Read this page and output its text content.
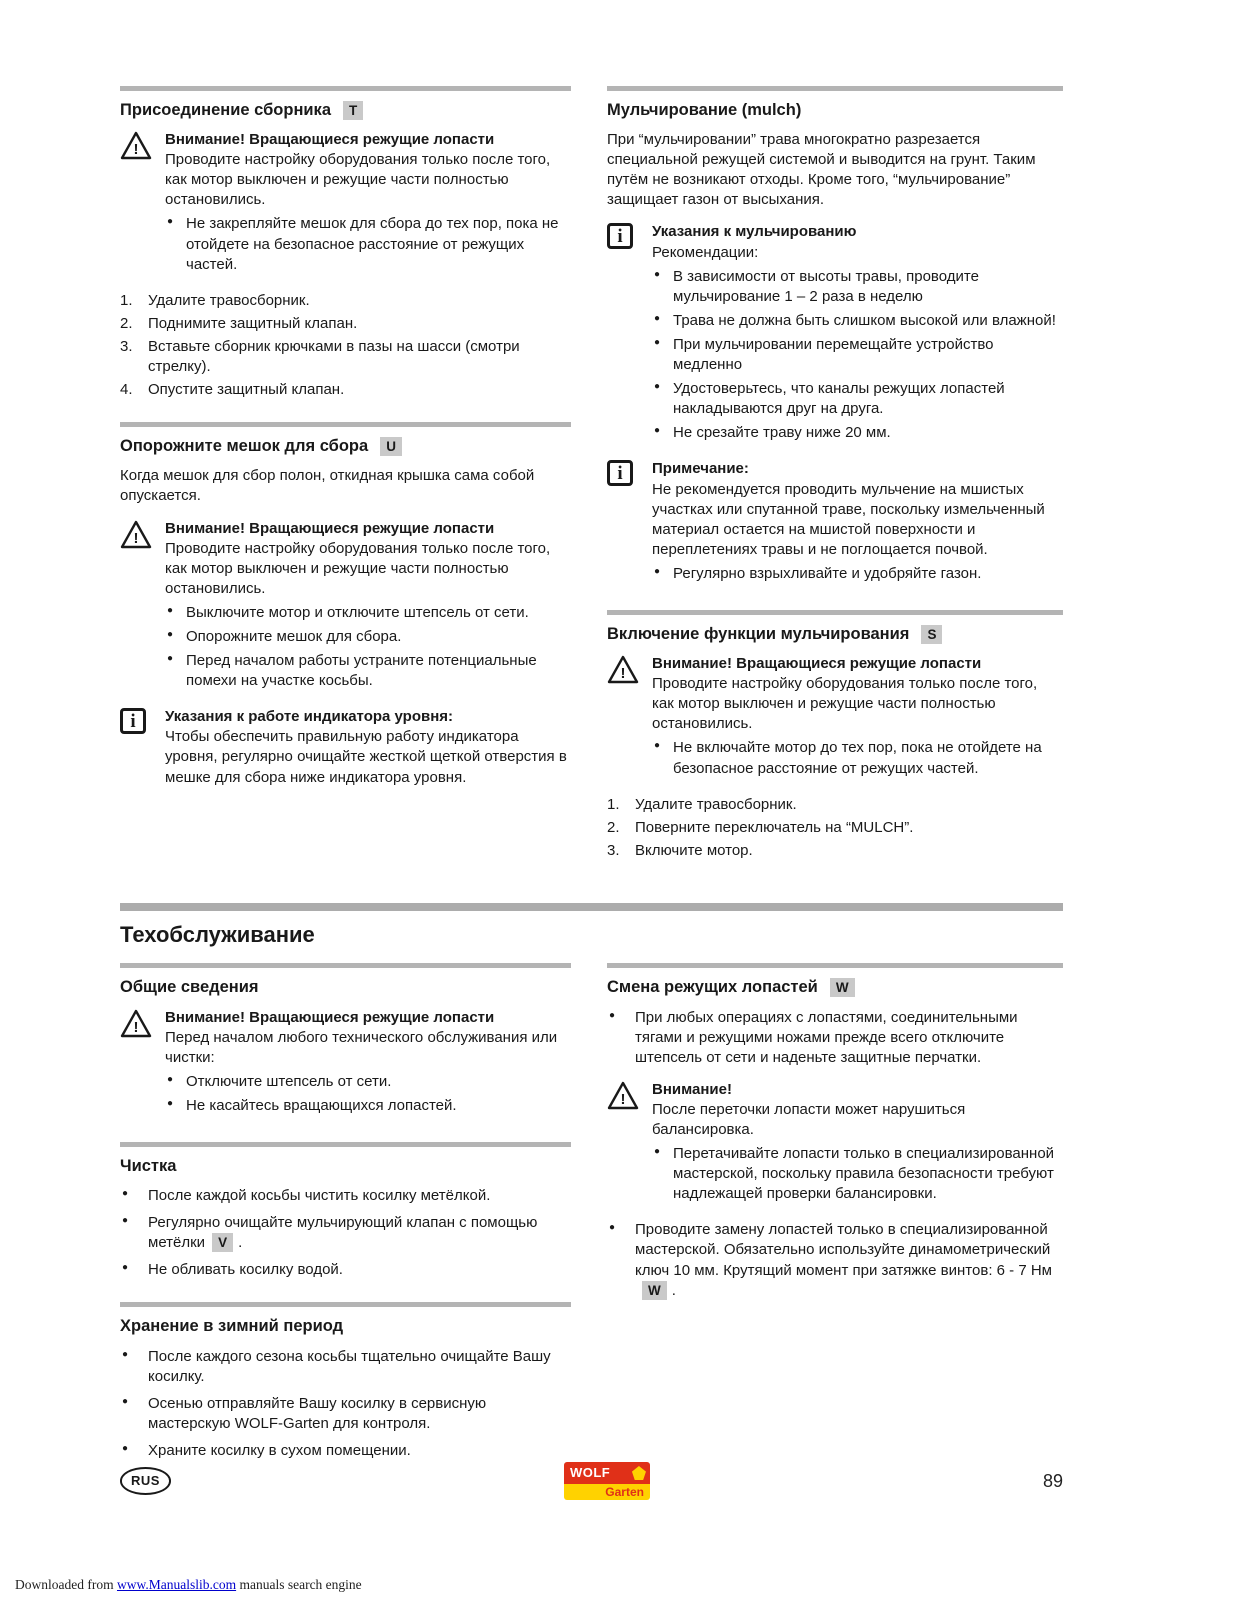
Присоединение сборника	T
!
Внимание! Вращающиеся режущие лопасти
Проводите настройку оборудования только после того, как мотор выключен и режущие части полностью остановились.
● Не закрепляйте мешок для сбора до тех пор, пока не отойдете на безопасное расстояние от режущих частей.
1.	Удалите травосборник.
2.	Поднимите защитный клапан.
3.	Вставьте сборник крючками в пазы на шасси (смотри стрелку).
4.	Опустите защитный клапан.
Опорожните мешок для сбора	U

Когда мешок для сбор полон, откидная крышка сама собой опускается.

!
Внимание! Вращающиеся режущие лопасти
Проводите настройку оборудования только после того, как мотор выключен и режущие части полностью остановились.
● Выключите мотор и отключите штепсель от сети.
● Опорожните мешок для сбора.
● Перед началом работы устраните потенциальные помехи на участке косьбы.
i	Указания к работе индикатора уровня:
Чтобы обеспечить правильную работу индикатора уровня, регулярно очищайте жесткой щеткой отверстия в мешке для сбора ниже индикатора уровня.
Мульчирование (mulch)

При “мульчировании” трава многократно разрезается специальной режущей системой и выводится на грунт. Таким путём не возникают отходы. Кроме того, “мульчирование” защищает газон от высыхания.

i	Указания к мульчированию
Рекомендации:
● В зависимости от высоты травы, проводите мульчирование 1 – 2 раза в неделю
● Трава не должна быть слишком высокой или влажной!
● При мульчировании перемещайте устройство медленно
● Удостоверьтесь, что каналы режущих лопастей накладываются друг на друга.
● Не срезайте траву ниже 20 мм.
i	Примечание:
Не рекомендуется проводить мульчение на мшистых участках или спутанной траве, поскольку измельченный материал остается на мшистой поверхности и переплетениях травы и не поглощается почвой.
● Регулярно взрыхливайте и удобряйте газон.
Включение функции мульчирования	S
!
Внимание! Вращающиеся режущие лопасти
Проводите настройку оборудования только после того, как мотор выключен и режущие части полностью остановились.
● Не включайте мотор до тех пор, пока не отойдете на безопасное расстояние от режущих частей.
1.	Удалите травосборник.
2.	Поверните переключатель на “MULCH”.
3.	Включите мотор.
Техобслуживание
Общие сведения
!
Внимание! Вращающиеся режущие лопасти
Перед началом любого технического обслуживания или чистки:
● Отключите штепсель от сети.
● Не касайтесь вращающихся лопастей.
Чистка
● После каждой косьбы чистить косилку метёлкой.
● Регулярно очищайте мульчирующий клапан с помощью метёлки V .
● Не обливать косилку водой.
Хранение в зимний период
● После каждого сезона косьбы тщательно очищайте Вашу косилку.
● Осенью отправляйте Вашу косилку в сервисную мастерскую WOLF-Garten для контроля.
● Храните косилку в сухом помещении.
Смена режущих лопастей	W
● При любых операциях с лопастями, соединительными тягами и режущими ножами прежде всего отключите штепсель от сети и наденьте защитные перчатки.
!
Внимание!
После переточки лопасти может нарушиться балансировка.
● Перетачивайте лопасти только в специализированной мастерской, поскольку правила безопасности требуют надлежащей проверки балансировки.
● Проводите замену лопастей только в специализированной мастерской. Обязательно используйте динамометрический ключ 10 мм. Крутящий момент при затяжке винтов: 6 - 7 НмW .
RUS
WOLF
Garten
89
Downloaded from www.Manualslib.com manuals search engine
